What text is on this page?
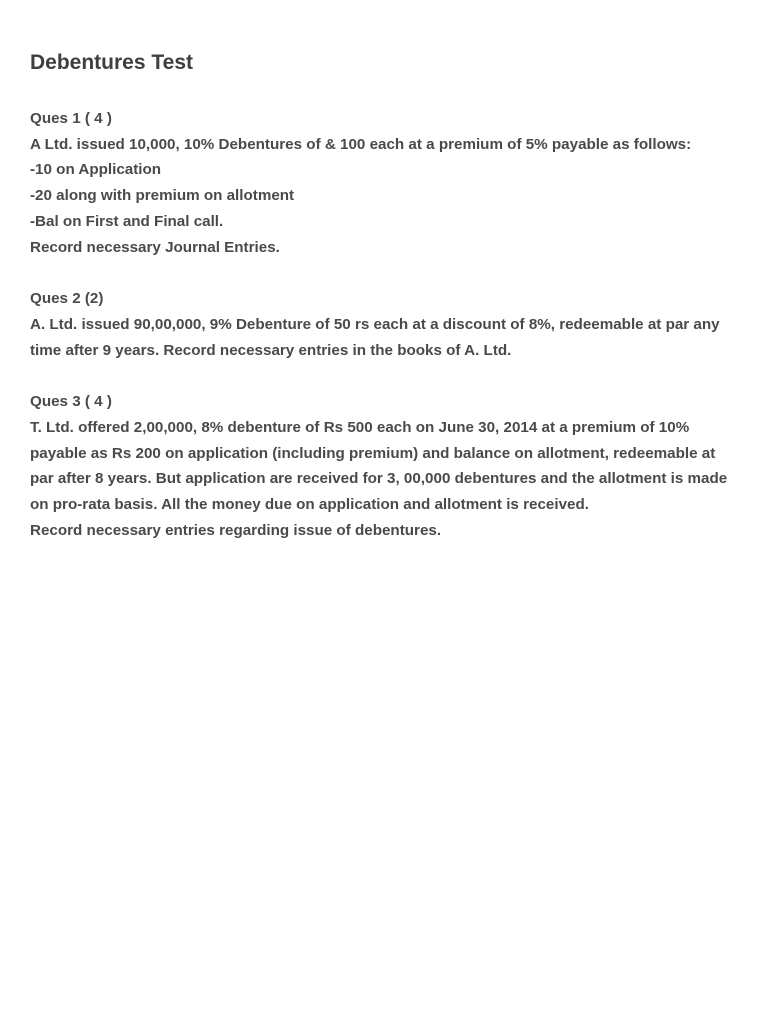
Debentures Test
Ques 1 ( 4 )
A Ltd. issued 10,000, 10% Debentures of & 100 each at a premium of 5% payable as follows:
-10 on Application
-20 along with premium on allotment
-Bal on First and Final call.
Record necessary Journal Entries.
Ques 2 (2)
A. Ltd. issued 90,00,000, 9% Debenture of 50 rs each at a discount of 8%, redeemable at par any time after 9 years. Record necessary entries in the books of A. Ltd.
Ques 3 ( 4 )
T. Ltd. offered 2,00,000, 8% debenture of Rs 500 each on June 30, 2014 at a premium of 10% payable as Rs 200 on application (including premium) and balance on allotment, redeemable at par after 8 years. But application are received for 3, 00,000 debentures and the allotment is made on pro-rata basis. All the money due on application and allotment is received.
Record necessary entries regarding issue of debentures.
